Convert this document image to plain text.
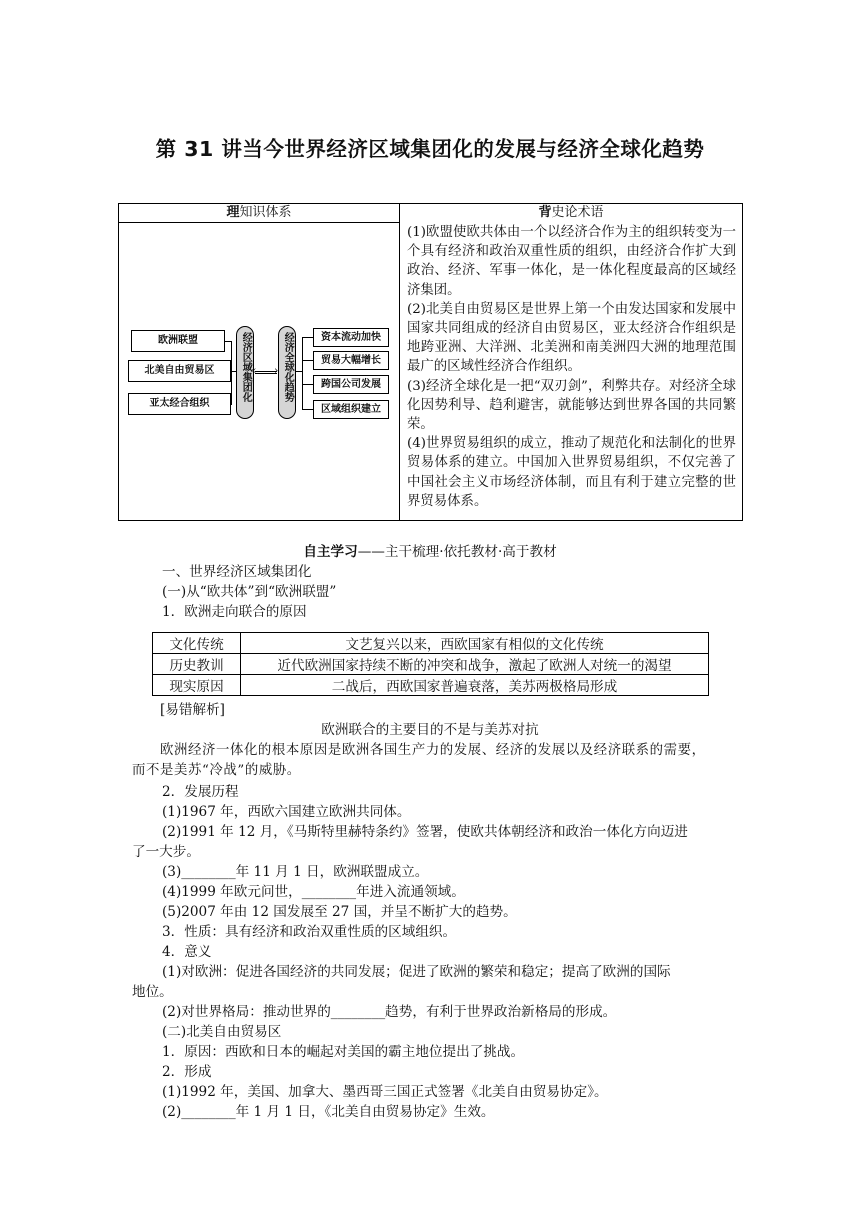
第 31 讲当今世界经济区域集团化的发展与经济全球化趋势
理知识体系	背史论术语
欧洲联盟
北美自由贸易区
亚太经合组织
经济区域集团化 ‹ › 经济全球化趋势	资本流动加快
贸易大幅增长
跨国公司发展
区域组织建立

(1)欧盟使欧共体由一个以经济合作为主的组织转变为一个具有经济和政治双重性质的组织，由经济合作扩大到政治、经济、军事一体化，是一体化程度最高的区域经济集团。

(2)北美自由贸易区是世界上第一个由发达国家和发展中国家共同组成的经济自由贸易区，亚太经济合作组织是地跨亚洲、大洋洲、北美洲和南美洲四大洲的地理范围最广的区域性经济合作组织。

(3)经济全球化是一把“双刃剑”，利弊共存。对经济全球化因势利导、趋利避害，就能够达到世界各国的共同繁荣。

(4)世界贸易组织的成立，推动了规范化和法制化的世界贸易体系的建立。中国加入世界贸易组织，不仅完善了中国社会主义市场经济体制，而且有利于建立完整的世界贸易体系。

自主学习——主干梳理·依托教材·高于教材
一、世界经济区域集团化
(一)从“欧共体”到“欧洲联盟”
1．欧洲走向联合的原因
文化传统	文艺复兴以来，西欧国家有相似的文化传统
历史教训	近代欧洲国家持续不断的冲突和战争，激起了欧洲人对统一的渴望
现实原因	二战后，西欧国家普遍衰落，美苏两极格局形成
[易错解析]
欧洲联合的主要目的不是与美苏对抗
欧洲经济一体化的根本原因是欧洲各国生产力的发展、经济的发展以及经济联系的需要，
而不是美苏“冷战”的威胁。
2．发展历程
(1)1967 年，西欧六国建立欧洲共同体。
(2)1991 年 12 月，《马斯特里赫特条约》签署，使欧共体朝经济和政治一体化方向迈进
了一大步。
(3)________年 11 月 1 日，欧洲联盟成立。
(4)1999 年欧元问世，________年进入流通领域。
(5)2007 年由 12 国发展至 27 国，并呈不断扩大的趋势。
3．性质：具有经济和政治双重性质的区域组织。
4．意义
(1)对欧洲：促进各国经济的共同发展；促进了欧洲的繁荣和稳定；提高了欧洲的国际
地位。
(2)对世界格局：推动世界的________趋势，有利于世界政治新格局的形成。
(二)北美自由贸易区
1．原因：西欧和日本的崛起对美国的霸主地位提出了挑战。
2．形成
(1)1992 年，美国、加拿大、墨西哥三国正式签署《北美自由贸易协定》。
(2)________年 1 月 1 日，《北美自由贸易协定》生效。
